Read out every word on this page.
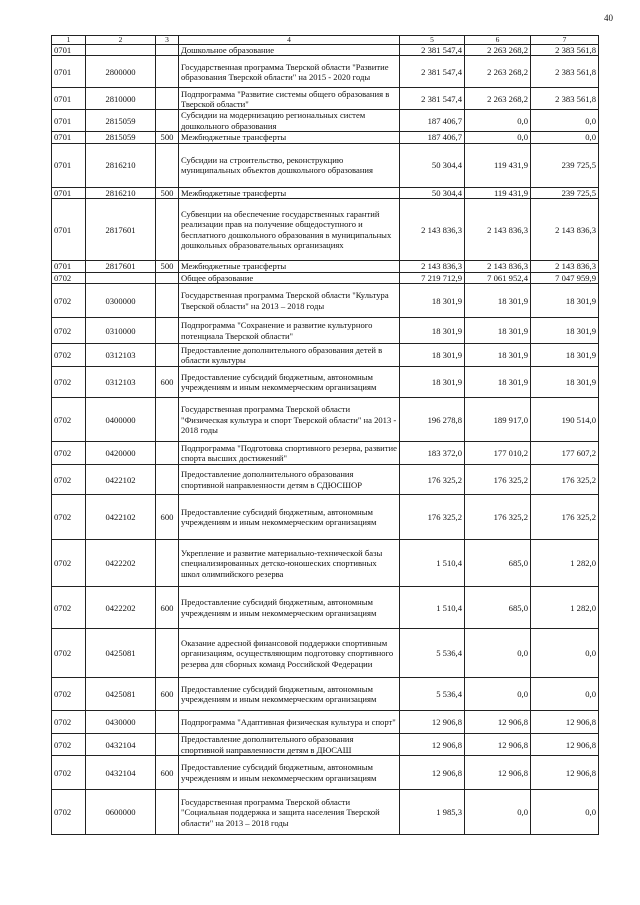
40
1	2	3	4	5	6	7
0701			Дошкольное образование	2 381 547,4	2 263 268,2	2 383 561,8
0701	2800000		Государственная программа Тверской области "Развитие образования Тверской области" на 2015 - 2020 годы	2 381 547,4	2 263 268,2	2 383 561,8
0701	2810000		Подпрограмма "Развитие системы общего образования в Тверской области"	2 381 547,4	2 263 268,2	2 383 561,8
0701	2815059		Субсидии на модернизацию региональных систем дошкольного образования	187 406,7	0,0	0,0
0701	2815059	500	Межбюджетные трансферты	187 406,7	0,0	0,0
0701	2816210		Субсидии на строительство, реконструкцию муниципальных объектов дошкольного образования	50 304,4	119 431,9	239 725,5
0701	2816210	500	Межбюджетные трансферты	50 304,4	119 431,9	239 725,5
0701	2817601		Субвенции на обеспечение государственных гарантий реализации прав на получение общедоступного и бесплатного дошкольного образования в муниципальных дошкольных образовательных организациях	2 143 836,3	2 143 836,3	2 143 836,3
0701	2817601	500	Межбюджетные трансферты	2 143 836,3	2 143 836,3	2 143 836,3
0702			Общее образование	7 219 712,9	7 061 952,4	7 047 959,9
0702	0300000		Государственная программа Тверской области "Культура Тверской области" на 2013 – 2018 годы	18 301,9	18 301,9	18 301,9
0702	0310000		Подпрограмма "Сохранение и развитие культурного потенциала Тверской области"	18 301,9	18 301,9	18 301,9
0702	0312103		Предоставление дополнительного образования детей в области культуры	18 301,9	18 301,9	18 301,9
0702	0312103	600	Предоставление субсидий бюджетным, автономным учреждениям и иным некоммерческим организациям	18 301,9	18 301,9	18 301,9
0702	0400000		Государственная программа Тверской области "Физическая культура и спорт Тверской области" на 2013 - 2018 годы	196 278,8	189 917,0	190 514,0
0702	0420000		Подпрограмма "Подготовка спортивного резерва, развитие спорта высших достижений"	183 372,0	177 010,2	177 607,2
0702	0422102		Предоставление дополнительного образования спортивной направленности детям в СДЮСШОР	176 325,2	176 325,2	176 325,2
0702	0422102	600	Предоставление субсидий бюджетным, автономным учреждениям и иным некоммерческим организациям	176 325,2	176 325,2	176 325,2
0702	0422202		Укрепление и развитие материально-технической базы специализированных детско-юношеских спортивных школ олимпийского резерва	1 510,4	685,0	1 282,0
0702	0422202	600	Предоставление субсидий бюджетным, автономным учреждениям и иным некоммерческим организациям	1 510,4	685,0	1 282,0
0702	0425081		Оказание адресной финансовой поддержки спортивным организациям, осуществляющим подготовку спортивного резерва для сборных команд Российской Федерации	5 536,4	0,0	0,0
0702	0425081	600	Предоставление субсидий бюджетным, автономным учреждениям и иным некоммерческим организациям	5 536,4	0,0	0,0
0702	0430000		Подпрограмма "Адаптивная физическая культура и спорт"	12 906,8	12 906,8	12 906,8
0702	0432104		Предоставление дополнительного образования спортивной направленности детям в ДЮСАШ	12 906,8	12 906,8	12 906,8
0702	0432104	600	Предоставление субсидий бюджетным, автономным учреждениям и иным некоммерческим организациям	12 906,8	12 906,8	12 906,8
0702	0600000		Государственная программа Тверской области "Социальная поддержка и защита населения Тверской области" на 2013 – 2018 годы	1 985,3	0,0	0,0
